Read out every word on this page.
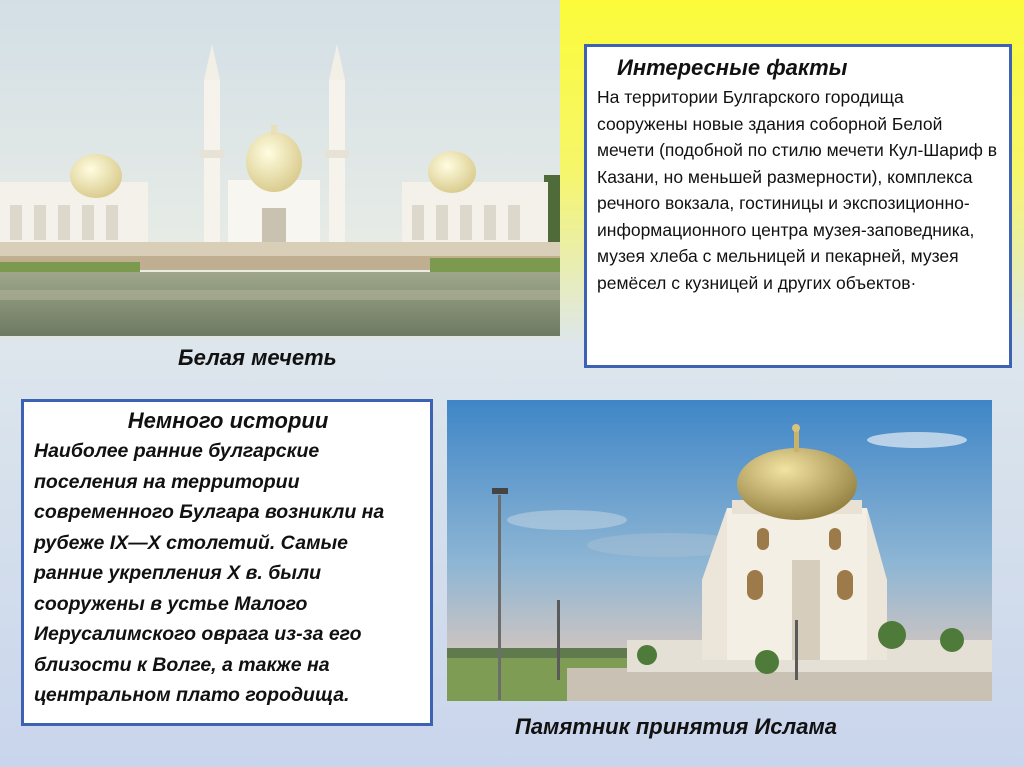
Белая мечеть
Интересные факты

На территории Булгарского городища сооружены новые здания соборной Белой мечети (подобной по стилю мечети Кул-Шариф в Казани, но меньшей размерности), комплекса речного вокзала, гостиницы и экспозиционно-информационного центра музея-заповедника, музея хлеба с мельницей и пекарней, музея ремёсел с кузницей и других объектов·

Немного истории

Наиболее ранние булгарские поселения на территории современного Булгара возникли на рубеже IX—X столетий. Самые ранние укрепления X в. были сооружены в устье Малого Иерусалимского оврага из-за его близости к Волге, а также на центральном плато городища.

Памятник принятия Ислама
